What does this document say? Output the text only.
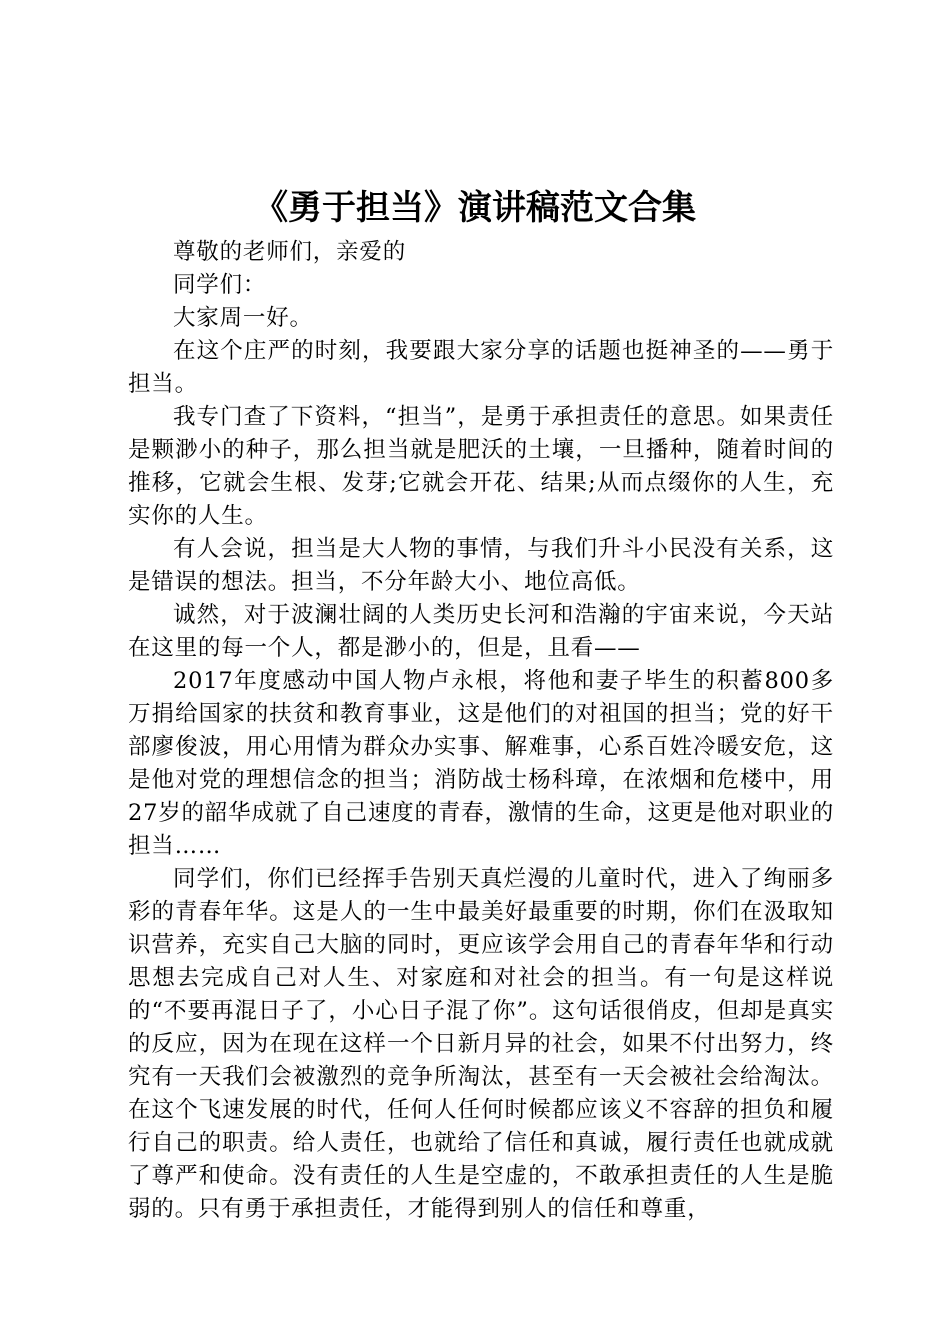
《勇于担当》演讲稿范文合集

尊敬的老师们，亲爱的

同学们：

大家周一好。

在这个庄严的时刻，我要跟大家分享的话题也挺神圣的——勇于担当。

我专门查了下资料，“担当”，是勇于承担责任的意思。如果责任是颗渺小的种子，那么担当就是肥沃的土壤，一旦播种，随着时间的推移，它就会生根、发芽;它就会开花、结果;从而点缀你的人生，充实你的人生。

有人会说，担当是大人物的事情，与我们升斗小民没有关系，这是错误的想法。担当，不分年龄大小、地位高低。

诚然，对于波澜壮阔的人类历史长河和浩瀚的宇宙来说，今天站在这里的每一个人，都是渺小的，但是，且看——

2017年度感动中国人物卢永根，将他和妻子毕生的积蓄800多万捐给国家的扶贫和教育事业，这是他们的对祖国的担当；党的好干部廖俊波，用心用情为群众办实事、解难事，心系百姓冷暖安危，这是他对党的理想信念的担当；消防战士杨科璋，在浓烟和危楼中，用27岁的韶华成就了自己速度的青春，激情的生命，这更是他对职业的担当……

同学们，你们已经挥手告别天真烂漫的儿童时代，进入了绚丽多彩的青春年华。这是人的一生中最美好最重要的时期，你们在汲取知识营养，充实自己大脑的同时，更应该学会用自己的青春年华和行动思想去完成自己对人生、对家庭和对社会的担当。有一句是这样说的“不要再混日子了，小心日子混了你”。这句话很俏皮，但却是真实的反应，因为在现在这样一个日新月异的社会，如果不付出努力，终究有一天我们会被激烈的竞争所淘汰，甚至有一天会被社会给淘汰。在这个飞速发展的时代，任何人任何时候都应该义不容辞的担负和履行自己的职责。给人责任，也就给了信任和真诚，履行责任也就成就了尊严和使命。没有责任的人生是空虚的，不敢承担责任的人生是脆弱的。只有勇于承担责任，才能得到别人的信任和尊重，
